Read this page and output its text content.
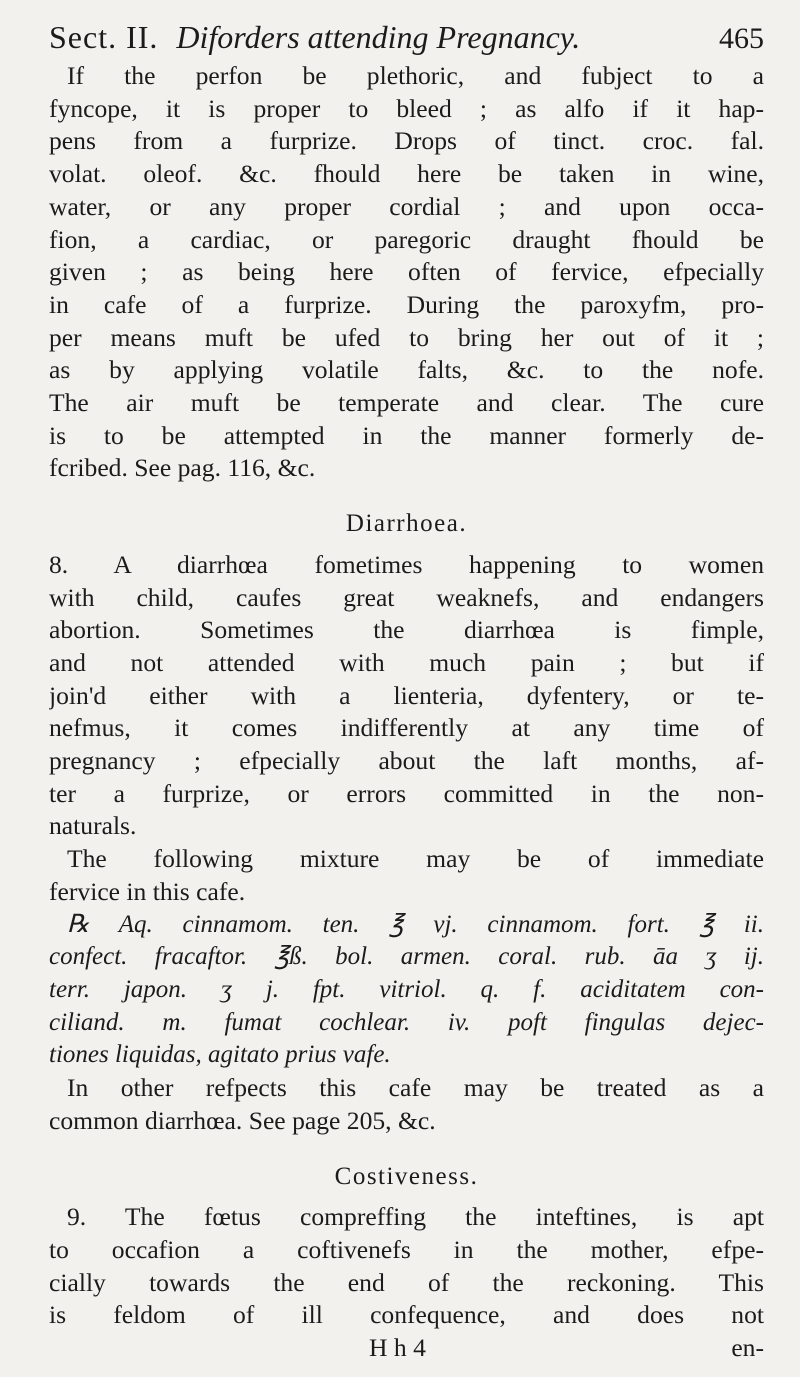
Sect. II. Diforders attending Pregnancy.	465
If the perfon be plethoric, and fubject to a
fyncope, it is proper to bleed ; as alfo if it hap-
pens from a furprize. Drops of tinct. croc. fal.
volat. oleof. &c. fhould here be taken in wine,
water, or any proper cordial ; and upon occa-
fion, a cardiac, or paregoric draught fhould be
given ; as being here often of fervice, efpecially
in cafe of a furprize. During the paroxyfm, pro-
per means muft be ufed to bring her out of it ;
as by applying volatile falts, &c. to the nofe.
The air muft be temperate and clear. The cure
is to be attempted in the manner formerly de-
fcribed. See pag. 116, &c.
Diarrhoea.
8. A diarrhœa fometimes happening to women
with child, caufes great weaknefs, and endangers
abortion. Sometimes the diarrhœa is fimple,
and not attended with much pain ; but if
join'd either with a lienteria, dyfentery, or te-
nefmus, it comes indifferently at any time of
pregnancy ; efpecially about the laft months, af-
ter a furprize, or errors committed in the non-
naturals.
The following mixture may be of immediate
fervice in this cafe.
℞ Aq. cinnamom. ten. ℥ vj. cinnamom. fort. ℥ ii.
confect. fracaftor. ℥ß. bol. armen. coral. rub. āa ʒ ij.
terr. japon. ʒ j. fpt. vitriol. q. f. aciditatem con-
ciliand. m. fumat cochlear. iv. poft fingulas dejec-
tiones liquidas, agitato prius vafe.
In other refpects this cafe may be treated as a
common diarrhœa. See page 205, &c.
Costiveness.
9. The fœtus compreffing the inteftines, is apt
to occafion a coftivenefs in the mother, efpe-
cially towards the end of the reckoning. This
is feldom of ill confequence, and does not
H h 4	en-
